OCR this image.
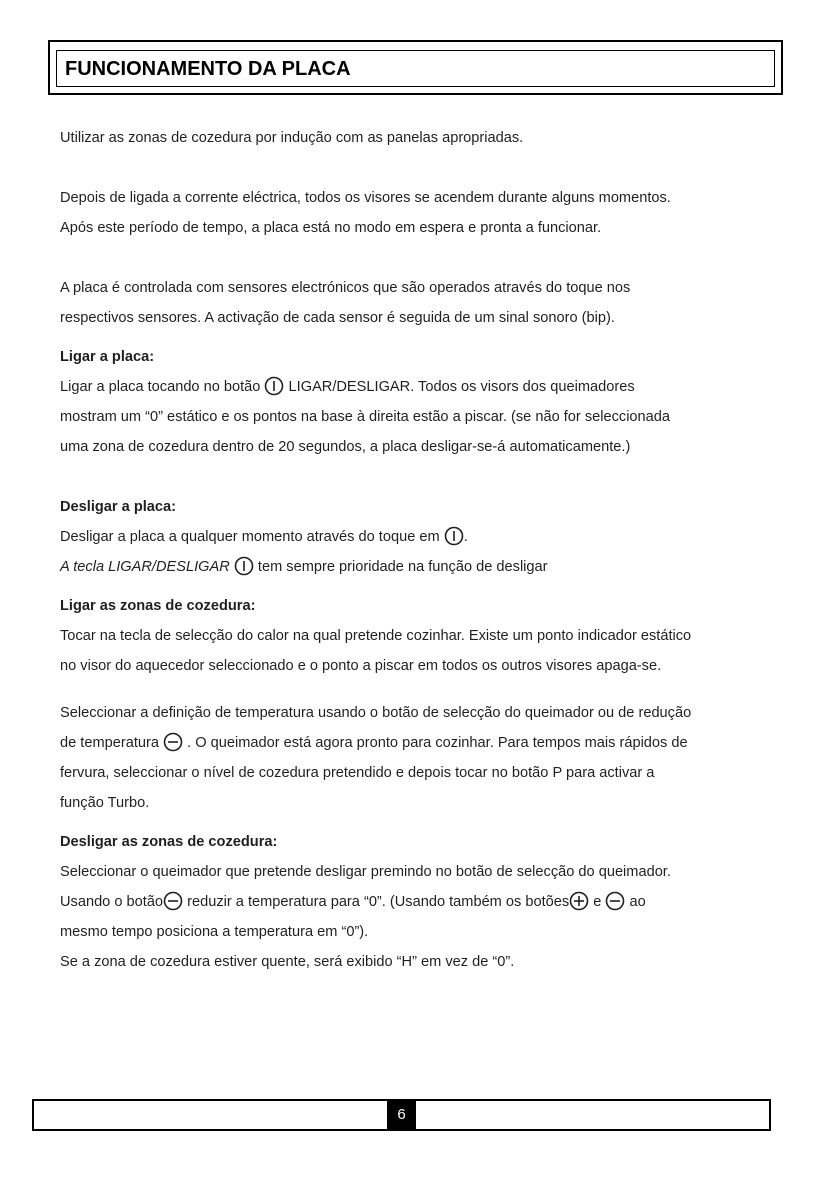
FUNCIONAMENTO DA PLACA

Utilizar as zonas de cozedura por indução com as panelas apropriadas.

Depois de ligada a corrente eléctrica, todos os visores se acendem durante alguns momentos.

Após este período de tempo, a placa está no modo em espera e pronta a funcionar.

A placa é controlada com sensores electrónicos que são operados através do toque nos

respectivos sensores. A activação de cada sensor é seguida de um sinal sonoro (bip).

Ligar a placa:

Ligar a placa tocando no botão LIGAR/DESLIGAR. Todos os visors dos queimadores

mostram um “0” estático e os pontos na base à direita estão a piscar. (se não for seleccionada

uma zona de cozedura dentro de 20 segundos, a placa desligar-se-á automaticamente.)

Desligar a placa:

Desligar a placa a qualquer momento através do toque em .

A tecla LIGAR/DESLIGAR tem sempre prioridade na função de desligar

Ligar as zonas de cozedura:

Tocar na tecla de selecção do calor na qual pretende cozinhar. Existe um ponto indicador estático

no visor do aquecedor seleccionado e o ponto a piscar em todos os outros visores apaga-se.

Seleccionar a definição de temperatura usando o botão de selecção do queimador ou de redução

de temperatura . O queimador está agora pronto para cozinhar. Para tempos mais rápidos de

fervura, seleccionar o nível de cozedura pretendido e depois tocar no botão P para activar a

função Turbo.

Desligar as zonas de cozedura:

Seleccionar o queimador que pretende desligar premindo no botão de selecção do queimador.

Usando o botão reduzir a temperatura para “0”. (Usando também os botões e ao

mesmo tempo posiciona a temperatura em “0”).

Se a zona de cozedura estiver quente, será exibido “H” em vez de “0”.

6
